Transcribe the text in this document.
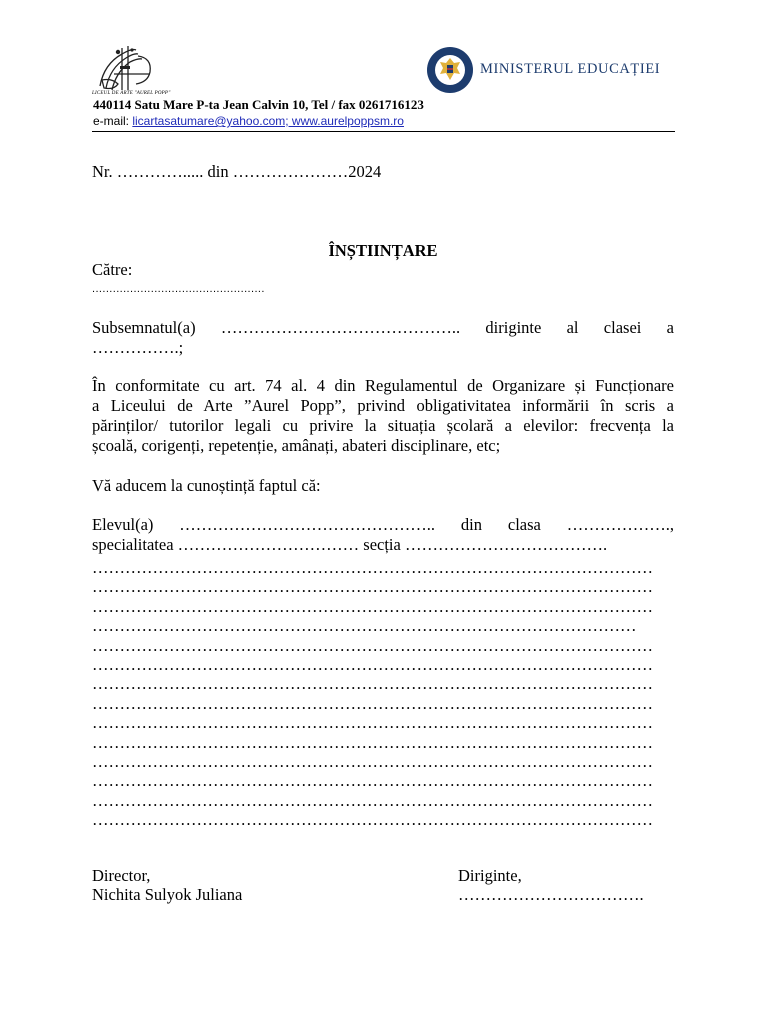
LICEUL DE ARTE "AUREL POPP"
MINISTERUL EDUCAȚIEI
440114 Satu Mare P-ta Jean Calvin 10, Tel / fax 0261716123
e-mail: licartasatumare@yahoo.com; www.aurelpoppsm.ro
Nr. …………..... din …………………2024
ÎNȘTIINȚARE
Către:
..................................................
Subsemnatul(a) …………………………………….. diriginte al clasei a
…………….;
În conformitate cu art. 74 al. 4 din Regulamentul de Organizare și Funcționare
a Liceului de Arte ”Aurel Popp”, privind obligativitatea informării în scris a
părinților/ tutorilor legali cu privire la situația școlară a elevilor: frecvența la
școală, corigenți, repetenție, amânați, abateri disciplinare, etc;
Vă aducem la cunoștință faptul că:
Elevul(a) ……………………………………….. din clasa ……………….,
specialitatea …………………………… secția ……………………………….
…………………………………………………………………………………………
…………………………………………………………………………………………
…………………………………………………………………………………………
………………………………………………………………………………………
…………………………………………………………………………………………
…………………………………………………………………………………………
…………………………………………………………………………………………
…………………………………………………………………………………………
…………………………………………………………………………………………
…………………………………………………………………………………………
…………………………………………………………………………………………
…………………………………………………………………………………………
…………………………………………………………………………………………
…………………………………………………………………………………………
Director,
Nichita Sulyok Juliana
Diriginte,
…………………………….
